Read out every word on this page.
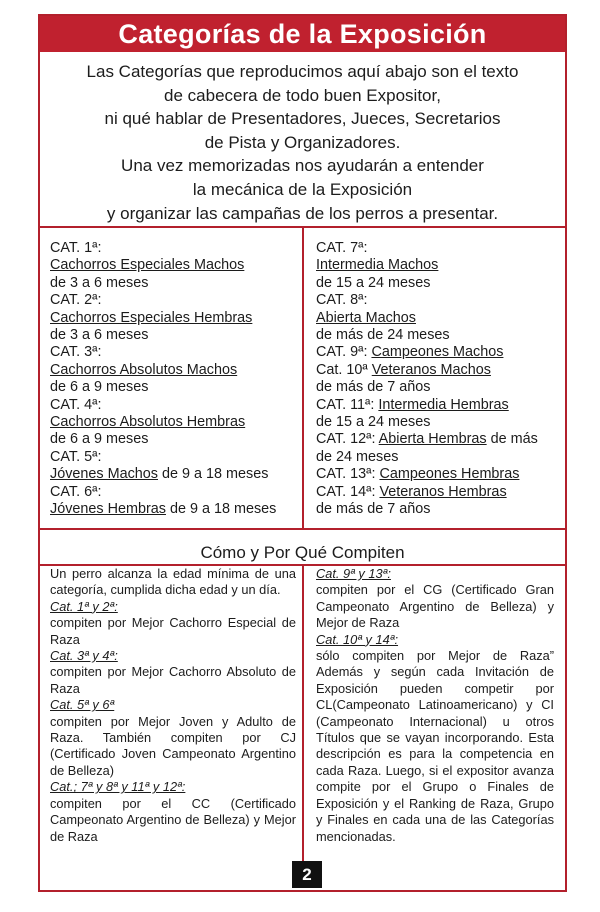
Categorías de la Exposición
Las Categorías que reproducimos aquí abajo son el texto
de cabecera de todo buen Expositor,
ni qué hablar de Presentadores, Jueces, Secretarios
de Pista y Organizadores.
Una vez memorizadas nos ayudarán a entender
la mecánica de la Exposición
y organizar las campañas de los perros a presentar.
CAT. 1ª:
Cachorros Especiales Machos
de 3 a 6 meses
CAT. 2ª:
Cachorros Especiales Hembras
de 3 a 6 meses
CAT. 3ª:
Cachorros Absolutos Machos
de 6 a 9 meses
CAT. 4ª:
Cachorros Absolutos Hembras
de 6 a 9 meses
CAT. 5ª:
Jóvenes Machos de 9 a 18 meses
CAT. 6ª:
Jóvenes Hembras de 9 a 18 meses
CAT. 7ª:
Intermedia Machos
de 15 a 24 meses
CAT. 8ª:
Abierta Machos
de más de 24 meses
CAT. 9ª: Campeones Machos
Cat. 10ª Veteranos Machos
de más de 7 años
CAT. 11ª: Intermedia Hembras
de 15 a 24 meses
CAT. 12ª: Abierta Hembras de más
de 24 meses
CAT. 13ª: Campeones Hembras
CAT. 14ª: Veteranos Hembras
de más de 7 años
Cómo y Por Qué Compiten
Un perro alcanza la edad mínima de una categoría, cumplida dicha edad y un día.
Cat. 1ª y 2ª:
compiten por Mejor Cachorro Especial de Raza
Cat. 3ª y 4ª:
compiten por Mejor Cachorro Absoluto de Raza
Cat. 5ª y 6ª
compiten por Mejor Joven y Adulto de Raza. También compiten por CJ (Certificado Joven Campeonato Argentino de Belleza)
Cat.; 7ª y 8ª y 11ª y 12ª:
compiten por el CC (Certificado Campeonato Argentino de Belleza) y Mejor de Raza
Cat. 9ª y 13ª:
compiten por el CG (Certificado Gran Campeonato Argentino de Belleza) y Mejor de Raza
Cat. 10ª y 14ª:
sólo compiten por Mejor de Raza” Además y según cada Invitación de Exposición pueden competir por CL(Campeonato Latinoamericano) y CI (Campeonato Internacional) u otros Títulos que se vayan incorporando. Esta descripción es para la competencia en cada Raza. Luego, si el expositor avanza compite por el Grupo o Finales de Exposición y el Ranking de Raza, Grupo y Finales en cada una de las Categorías mencionadas.
2
